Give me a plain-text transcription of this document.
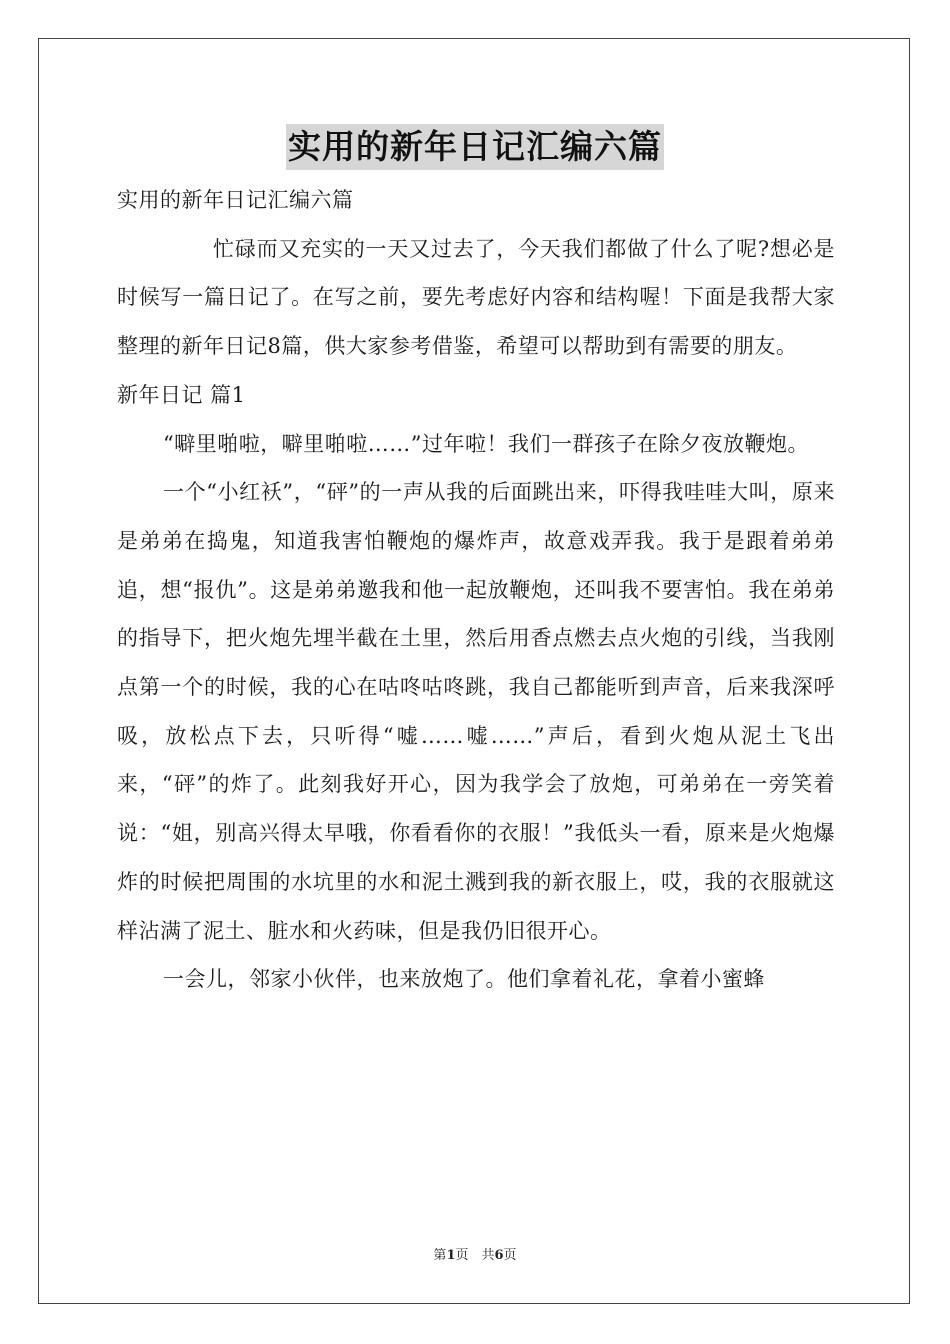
实用的新年日记汇编六篇

实用的新年日记汇编六篇

忙碌而又充实的一天又过去了，今天我们都做了什么了呢?想必是时候写一篇日记了。在写之前，要先考虑好内容和结构喔！下面是我帮大家整理的新年日记8篇，供大家参考借鉴，希望可以帮助到有需要的朋友。

新年日记 篇1

“噼里啪啦，噼里啪啦……”过年啦！我们一群孩子在除夕夜放鞭炮。

一个“小红袄”，“砰”的一声从我的后面跳出来，吓得我哇哇大叫，原来是弟弟在捣鬼，知道我害怕鞭炮的爆炸声，故意戏弄我。我于是跟着弟弟追，想“报仇”。这是弟弟邀我和他一起放鞭炮，还叫我不要害怕。我在弟弟的指导下，把火炮先埋半截在土里，然后用香点燃去点火炮的引线，当我刚点第一个的时候，我的心在咕咚咕咚跳，我自己都能听到声音，后来我深呼吸，放松点下去，只听得“嘘……嘘……”声后，看到火炮从泥土飞出来，“砰”的炸了。此刻我好开心，因为我学会了放炮，可弟弟在一旁笑着说：“姐，别高兴得太早哦，你看看你的衣服！”我低头一看，原来是火炮爆炸的时候把周围的水坑里的水和泥土溅到我的新衣服上，哎，我的衣服就这样沾满了泥土、脏水和火药味，但是我仍旧很开心。

一会儿，邻家小伙伴，也来放炮了。他们拿着礼花，拿着小蜜蜂

第1页　共6页
